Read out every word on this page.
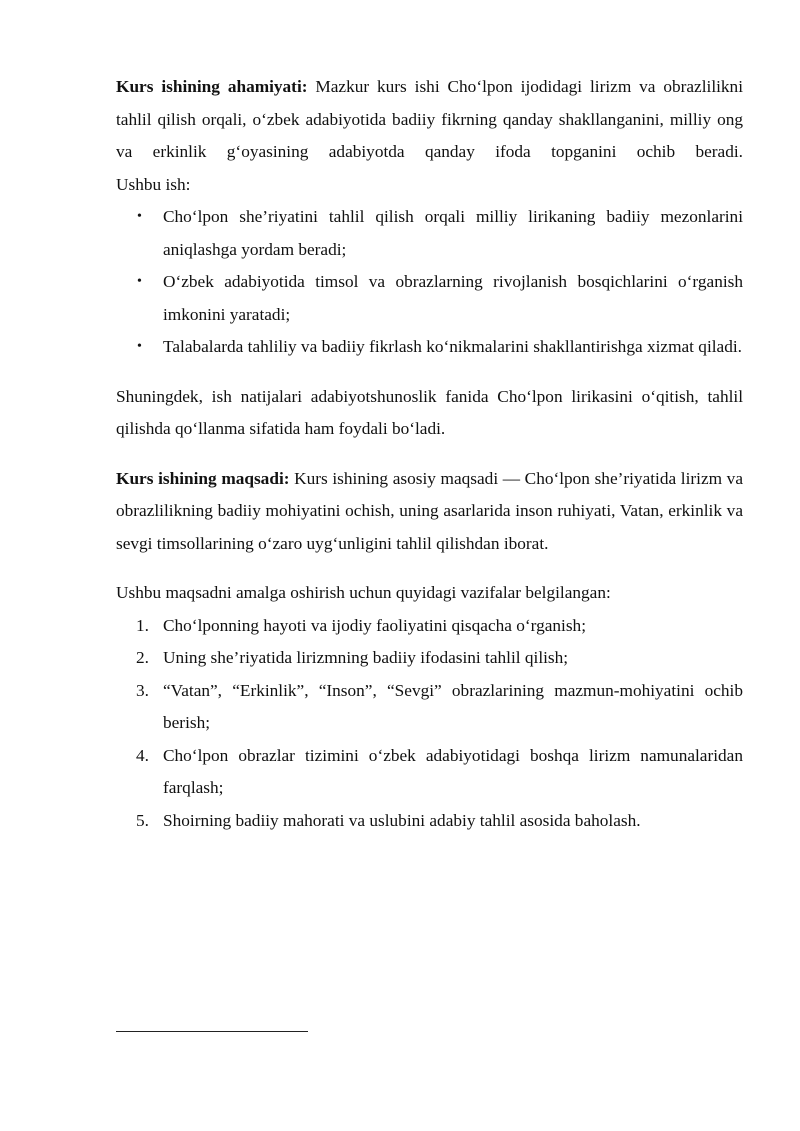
Kurs ishining ahamiyati: Mazkur kurs ishi Cho‘lpon ijodidagi lirizm va obrazlilikni tahlil qilish orqali, o‘zbek adabiyotida badiiy fikrning qanday shakllanganini, milliy ong va erkinlik g‘oyasining adabiyotda qanday ifoda topganini ochib beradi.

Ushbu ish:

• Cho‘lpon she’riyatini tahlil qilish orqali milliy lirikaning badiiy mezonlarini aniqlashga yordam beradi;
• O‘zbek adabiyotida timsol va obrazlarning rivojlanish bosqichlarini o‘rganish imkonini yaratadi;
• Talabalarda tahliliy va badiiy fikrlash ko‘nikmalarini shakllantirishga xizmat qiladi.

Shuningdek, ish natijalari adabiyotshunoslik fanida Cho‘lpon lirikasini o‘qitish, tahlil qilishda qo‘llanma sifatida ham foydali bo‘ladi.

Kurs ishining maqsadi: Kurs ishining asosiy maqsadi — Cho‘lpon she’riyatida lirizm va obrazlilikning badiiy mohiyatini ochish, uning asarlarida inson ruhiyati, Vatan, erkinlik va sevgi timsollarining o‘zaro uyg‘unligini tahlil qilishdan iborat.

Ushbu maqsadni amalga oshirish uchun quyidagi vazifalar belgilangan:

1. Cho‘lponning hayoti va ijodiy faoliyatini qisqacha o‘rganish;
2. Uning she’riyatida lirizmning badiiy ifodasini tahlil qilish;
3. “Vatan”, “Erkinlik”, “Inson”, “Sevgi” obrazlarining mazmun-mohiyatini ochib berish;
4. Cho‘lpon obrazlar tizimini o‘zbek adabiyotidagi boshqa lirizm namunalaridan farqlash;
5. Shoirning badiiy mahorati va uslubini adabiy tahlil asosida baholash.
